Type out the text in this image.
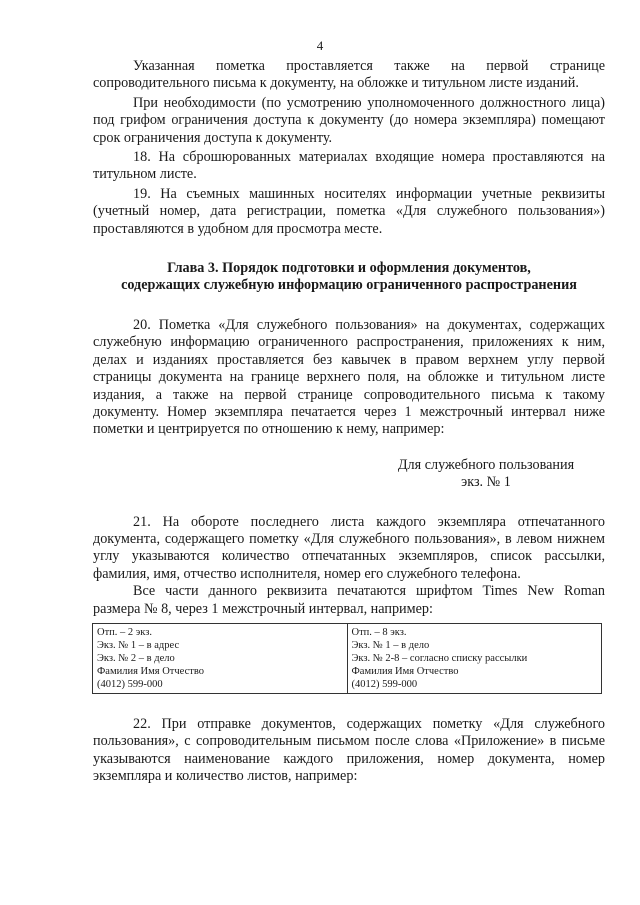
4

Указанная пометка проставляется также на первой странице сопроводительного письма к документу, на обложке и титульном листе изданий.

При необходимости (по усмотрению уполномоченного должностного лица) под грифом ограничения доступа к документу (до номера экземпляра) помещают срок ограничения доступа к документу.

18. На сброшюрованных материалах входящие номера проставляются на титульном листе.

19. На съемных машинных носителях информации учетные реквизиты (учетный номер, дата регистрации, пометка «Для служебного пользования») проставляются в удобном для просмотра месте.

Глава 3. Порядок подготовки и оформления документов,
содержащих служебную информацию ограниченного распространения

20. Пометка «Для служебного пользования» на документах, содержащих служебную информацию ограниченного распространения, приложениях к ним, делах и изданиях проставляется без кавычек в правом верхнем углу первой страницы документа на границе верхнего поля, на обложке и титульном листе издания, а также на первой странице сопроводительного письма к такому документу. Номер экземпляра печатается через 1 межстрочный интервал ниже пометки и центрируется по отношению к нему, например:

Для служебного пользования
экз. № 1

21. На обороте последнего листа каждого экземпляра отпечатанного документа, содержащего пометку «Для служебного пользования», в левом нижнем углу указываются количество отпечатанных экземпляров, список рассылки, фамилия, имя, отчество исполнителя, номер его служебного телефона.

Все части данного реквизита печатаются шрифтом Times New Roman размера № 8, через 1 межстрочный интервал, например:

Отп. – 2 экз.
Экз. № 1 – в адрес
Экз. № 2 – в дело
Фамилия Имя Отчество
(4012) 599-000

Отп. – 8 экз.
Экз. № 1 – в дело
Экз. № 2-8 – согласно списку рассылки
Фамилия Имя Отчество
(4012) 599-000

22. При отправке документов, содержащих пометку «Для служебного пользования», с сопроводительным письмом после слова «Приложение» в письме указываются наименование каждого приложения, номер документа, номер экземпляра и количество листов, например:
